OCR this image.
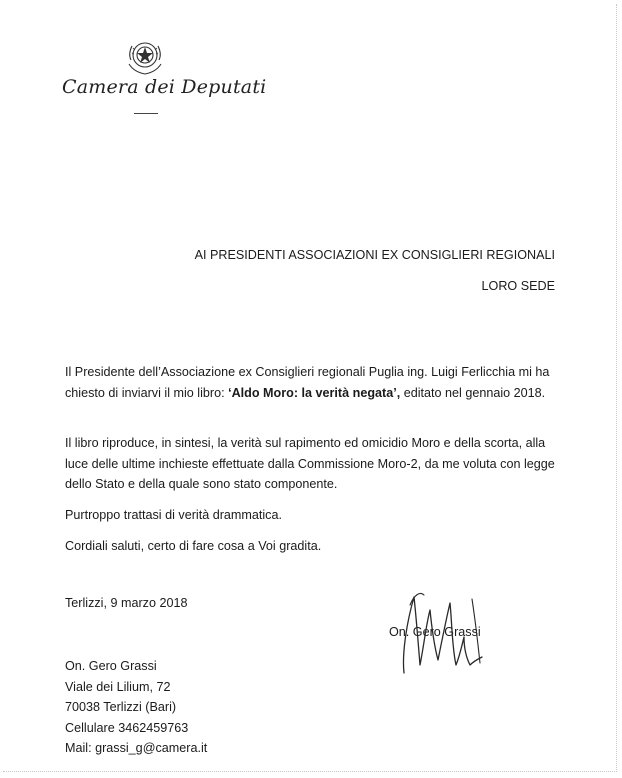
Camera dei Deputati
AI PRESIDENTI ASSOCIAZIONI EX CONSIGLIERI REGIONALI
LORO SEDE

Il Presidente dell’Associazione ex Consiglieri regionali Puglia ing. Luigi Ferlicchia mi ha chiesto di inviarvi il mio libro: ‘Aldo Moro: la verità negata’, editato nel gennaio 2018.

Il libro riproduce, in sintesi, la verità sul rapimento ed omicidio Moro e della scorta, alla luce delle ultime inchieste effettuate dalla Commissione Moro-2, da me voluta con legge dello Stato e della quale sono stato componente.

Purtroppo trattasi di verità drammatica.

Cordiali saluti, certo di fare cosa a Voi gradita.

Terlizzi, 9 marzo 2018
On. Gero Grassi
On. Gero Grassi
Viale dei Lilium, 72
70038 Terlizzi (Bari)
Cellulare 3462459763
Mail: grassi_g@camera.it
